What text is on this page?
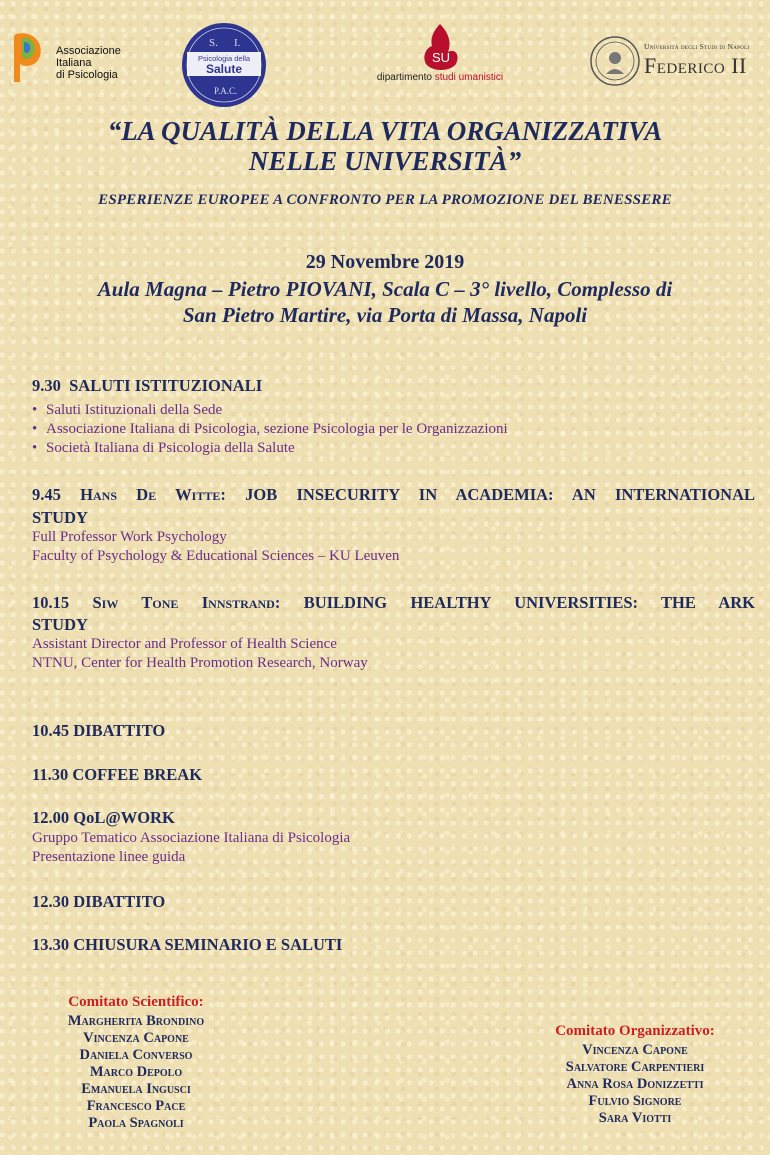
Associazione
Italiana
di Psicologia
S. I.
P.A.C.
Psicologia della
Salute
SU
dipartimento studi umanistici
Università degli Studi di Napoli
Federico II
“LA QUALITÀ DELLA VITA ORGANIZZATIVA
NELLE UNIVERSITÀ”
ESPERIENZE EUROPEE A CONFRONTO PER LA PROMOZIONE DEL BENESSERE
29 Novembre 2019
Aula Magna – Pietro PIOVANI, Scala C – 3° livello, Complesso di
San Pietro Martire, via Porta di Massa, Napoli
9.30 SALUTI ISTITUZIONALI
• Saluti Istituzionali della Sede
• Associazione Italiana di Psicologia, sezione Psicologia per le Organizzazioni
• Società Italiana di Psicologia della Salute
9.45 Hans De Witte: JOB INSECURITY IN ACADEMIA: AN INTERNATIONAL
STUDY
Full Professor Work Psychology
Faculty of Psychology & Educational Sciences – KU Leuven
10.15 Siw Tone Innstrand: BUILDING HEALTHY UNIVERSITIES: THE ARK
STUDY
Assistant Director and Professor of Health Science
NTNU, Center for Health Promotion Research, Norway
10.45 DIBATTITO
11.30 COFFEE BREAK
12.00 QoL@WORK
Gruppo Tematico Associazione Italiana di Psicologia
Presentazione linee guida
12.30 DIBATTITO
13.30 CHIUSURA SEMINARIO E SALUTI
Comitato Scientifico:
Margherita Brondino
Vincenza Capone
Daniela Converso
Marco Depolo
Emanuela Ingusci
Francesco Pace
Paola Spagnoli
Comitato Organizzativo:
Vincenza Capone
Salvatore Carpentieri
Anna Rosa Donizzetti
Fulvio Signore
Sara Viotti
